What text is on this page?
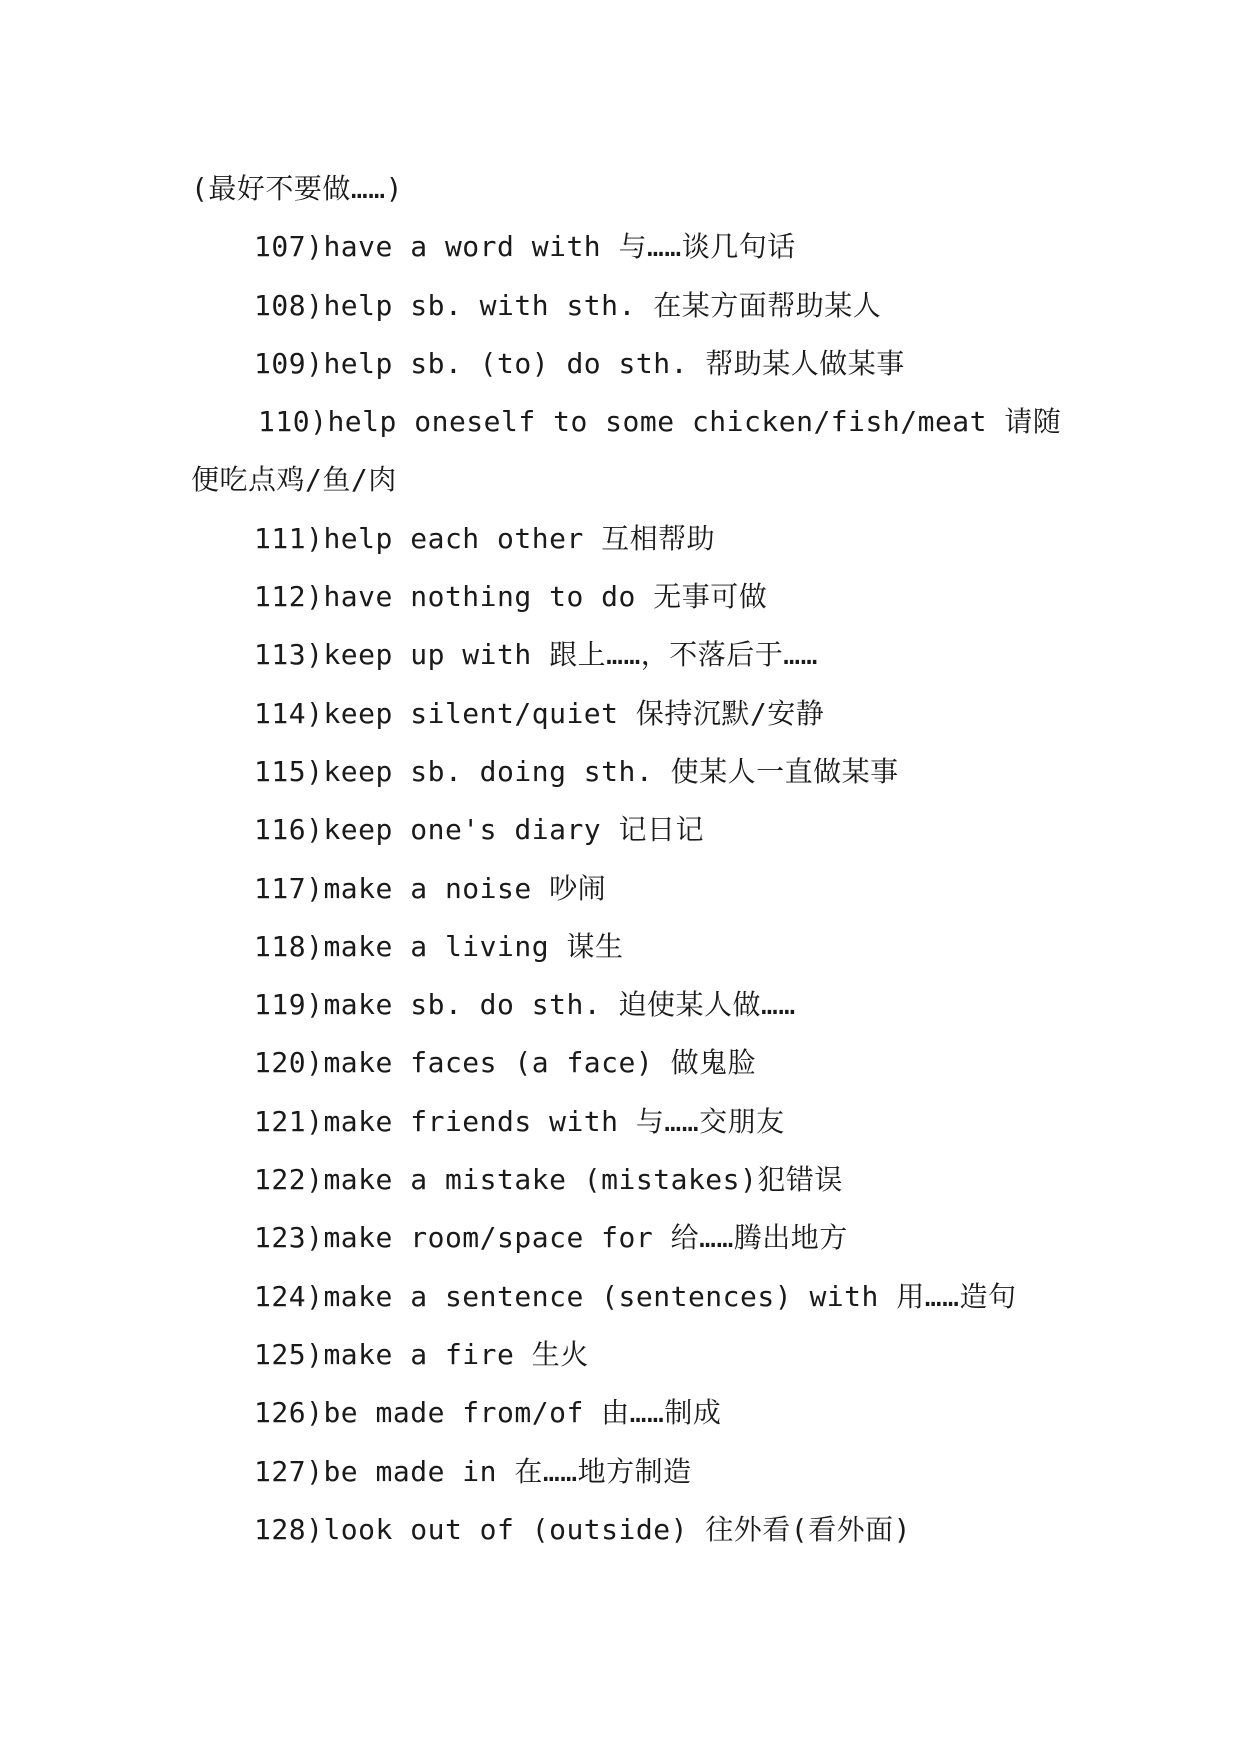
(最好不要做……)
107)have a word with 与……谈几句话
108)help sb. with sth. 在某方面帮助某人
109)help sb. (to) do sth. 帮助某人做某事
110)help oneself to some chicken/fish/meat 请随
便吃点鸡/鱼/肉
111)help each other 互相帮助
112)have nothing to do 无事可做
113)keep up with 跟上……，不落后于……
114)keep silent/quiet 保持沉默/安静
115)keep sb. doing sth. 使某人一直做某事
116)keep one's diary 记日记
117)make a noise 吵闹
118)make a living 谋生
119)make sb. do sth. 迫使某人做……
120)make faces (a face) 做鬼脸
121)make friends with 与……交朋友
122)make a mistake (mistakes)犯错误
123)make room/space for 给……腾出地方
124)make a sentence (sentences) with 用……造句
125)make a fire 生火
126)be made from/of 由……制成
127)be made in 在……地方制造
128)look out of (outside) 往外看(看外面)
